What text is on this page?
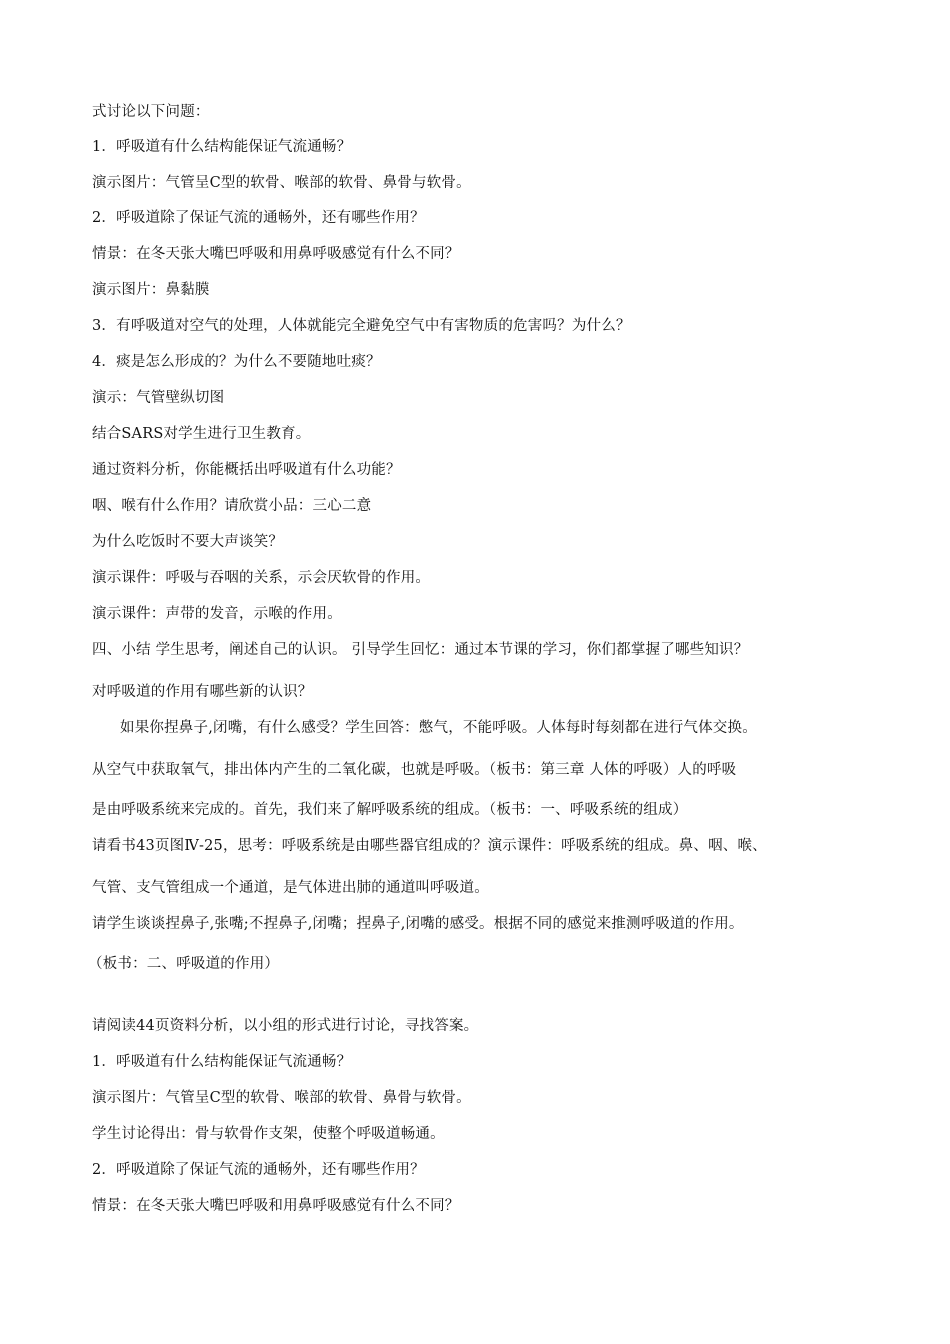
式讨论以下问题：
1．呼吸道有什么结构能保证气流通畅？
演示图片：气管呈C型的软骨、喉部的软骨、鼻骨与软骨。
2．呼吸道除了保证气流的通畅外，还有哪些作用？
情景：在冬天张大嘴巴呼吸和用鼻呼吸感觉有什么不同？
演示图片：鼻黏膜
3．有呼吸道对空气的处理，人体就能完全避免空气中有害物质的危害吗？为什么？
4．痰是怎么形成的？为什么不要随地吐痰？
演示：气管壁纵切图
结合SARS对学生进行卫生教育。
通过资料分析，你能概括出呼吸道有什么功能？
咽、喉有什么作用？请欣赏小品：三心二意
为什么吃饭时不要大声谈笑？
演示课件：呼吸与吞咽的关系，示会厌软骨的作用。
演示课件：声带的发音，示喉的作用。
四、小结 学生思考，阐述自己的认识。 引导学生回忆：通过本节课的学习，你们都掌握了哪些知识？
对呼吸道的作用有哪些新的认识？
如果你捏鼻子,闭嘴，有什么感受？学生回答：憋气，不能呼吸。人体每时每刻都在进行气体交换。
从空气中获取氧气，排出体内产生的二氧化碳，也就是呼吸。（板书：第三章 人体的呼吸）人的呼吸
是由呼吸系统来完成的。首先，我们来了解呼吸系统的组成。（板书：一、呼吸系统的组成）
请看书43页图Ⅳ-25，思考：呼吸系统是由哪些器官组成的？演示课件：呼吸系统的组成。鼻、咽、喉、
气管、支气管组成一个通道，是气体进出肺的通道叫呼吸道。
请学生谈谈捏鼻子,张嘴;不捏鼻子,闭嘴；捏鼻子,闭嘴的感受。根据不同的感觉来推测呼吸道的作用。
（板书：二、呼吸道的作用）
请阅读44页资料分析，以小组的形式进行讨论，寻找答案。
1．呼吸道有什么结构能保证气流通畅？
演示图片：气管呈C型的软骨、喉部的软骨、鼻骨与软骨。
学生讨论得出：骨与软骨作支架，使整个呼吸道畅通。
2．呼吸道除了保证气流的通畅外，还有哪些作用？
情景：在冬天张大嘴巴呼吸和用鼻呼吸感觉有什么不同？
